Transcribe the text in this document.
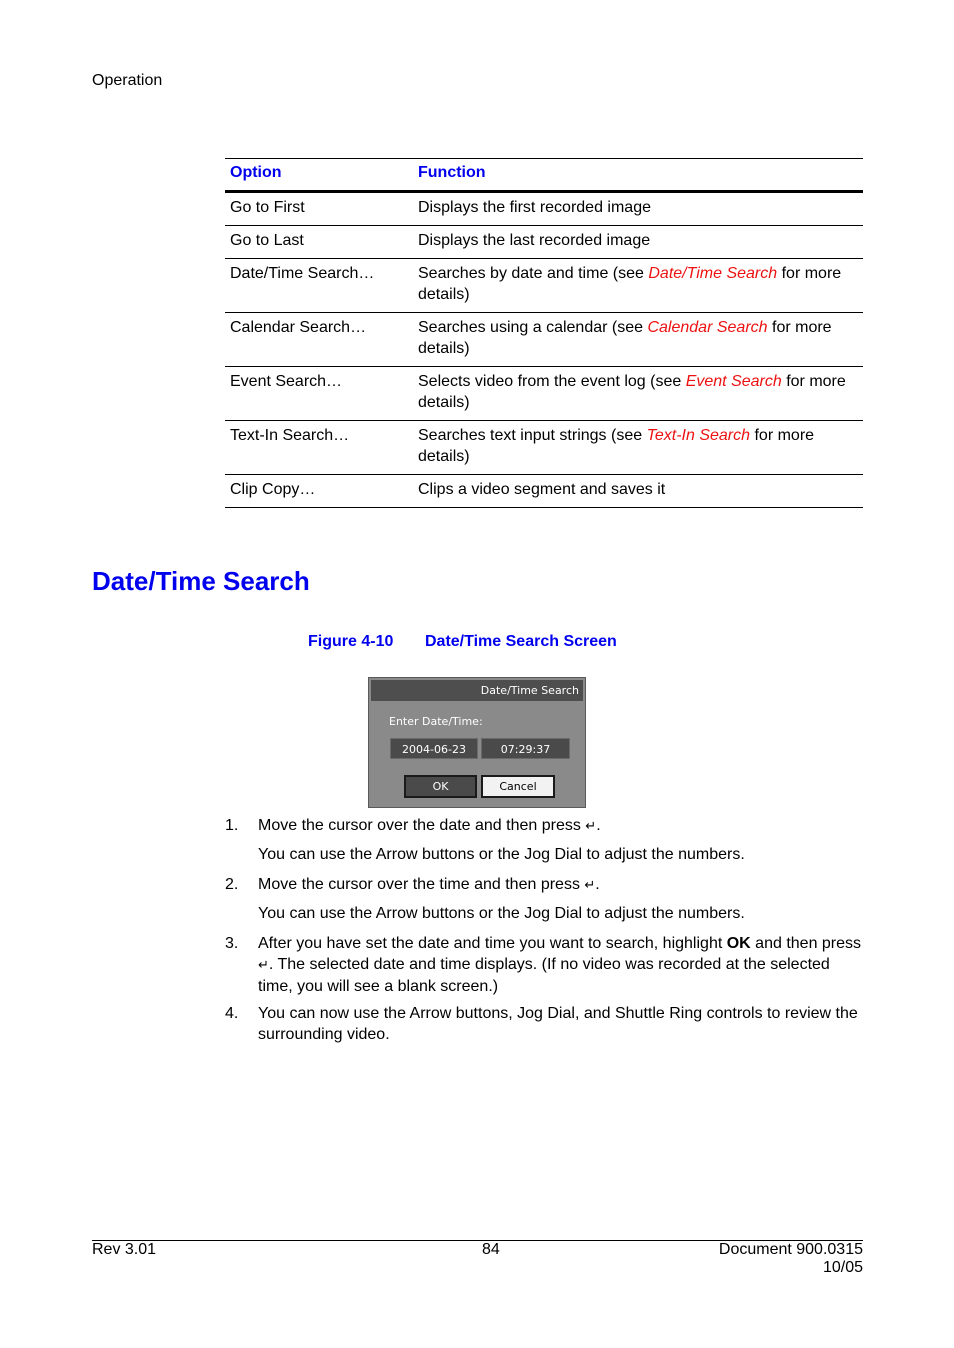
Operation
Option	Function
Go to First	Displays the first recorded image
Go to Last	Displays the last recorded image
Date/Time Search…	Searches by date and time (see Date/Time Search for more details)
Calendar Search…	Searches using a calendar (see Calendar Search for more details)
Event Search…	Selects video from the event log (see Event Search for more details)
Text-In Search…	Searches text input strings (see Text-In Search for more details)
Clip Copy…	Clips a video segment and saves it
Date/Time Search
Figure 4-10 Date/Time Search Screen
Date/Time Search
Enter Date/Time:
2004-06-23	07:29:37
OK	Cancel
1. Move the cursor over the date and then press ↵.
You can use the Arrow buttons or the Jog Dial to adjust the numbers.
2. Move the cursor over the time and then press ↵.
You can use the Arrow buttons or the Jog Dial to adjust the numbers.
3. After you have set the date and time you want to search, highlight OK and then press ↵. The selected date and time displays. (If no video was recorded at the selected time, you will see a blank screen.)
4. You can now use the Arrow buttons, Jog Dial, and Shuttle Ring controls to review the surrounding video.
Rev 3.01	84	Document 900.0315
10/05
